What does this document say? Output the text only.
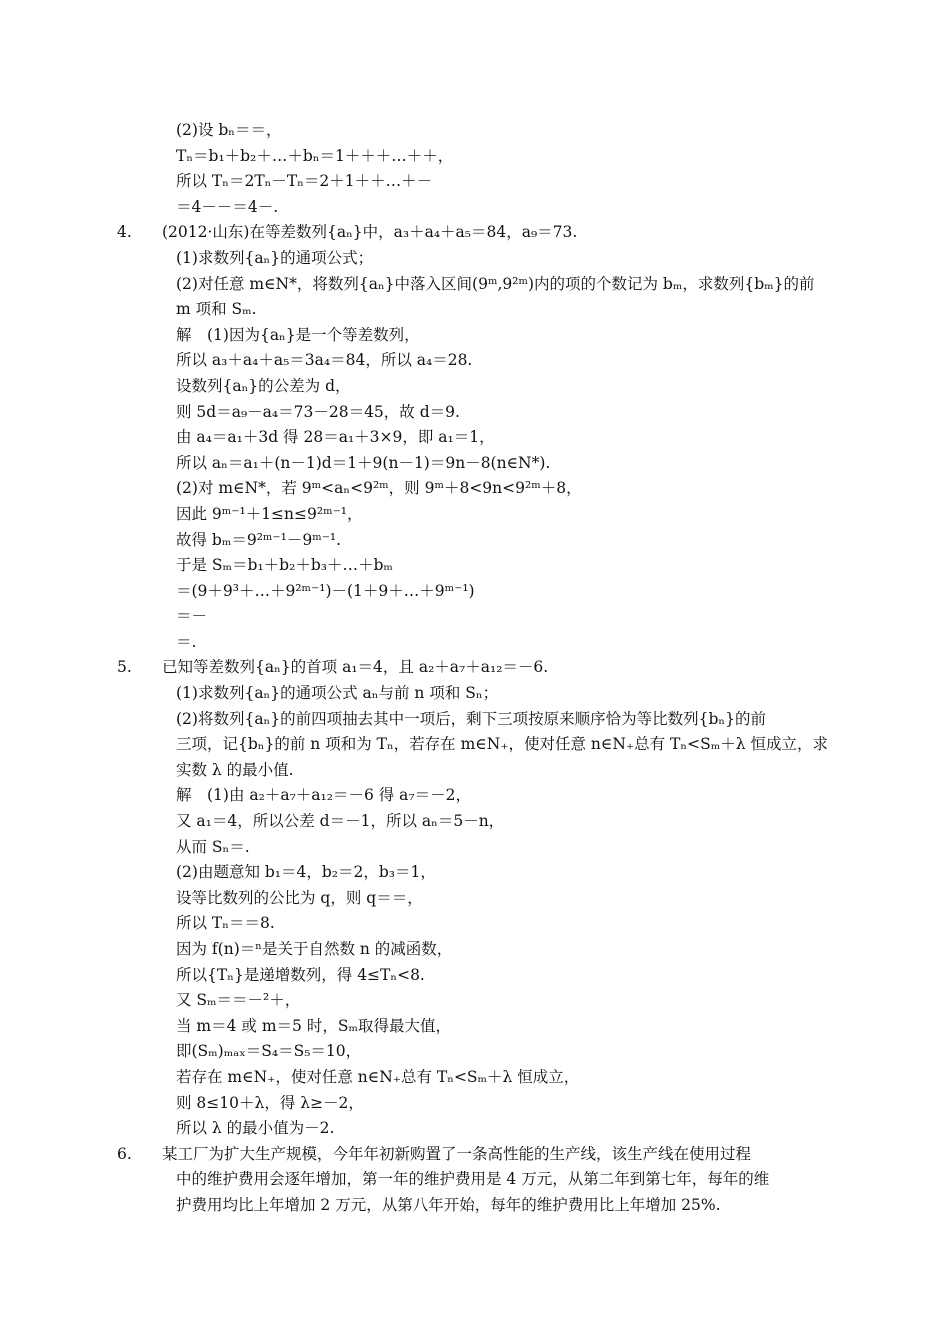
(2)设 bₙ＝＝，
Tₙ＝b₁＋b₂＋…＋bₙ＝1＋＋＋…＋＋，
所以 Tₙ＝2Tₙ－Tₙ＝2＋1＋＋…＋－
＝4－－＝4－.
4. (2012·山东)在等差数列{aₙ}中，a₃＋a₄＋a₅＝84，a₉＝73.
(1)求数列{aₙ}的通项公式；
(2)对任意 m∈N*，将数列{aₙ}中落入区间(9ᵐ,9²ᵐ)内的项的个数记为 bₘ，求数列{bₘ}的前
m 项和 Sₘ.
解　(1)因为{aₙ}是一个等差数列，
所以 a₃＋a₄＋a₅＝3a₄＝84，所以 a₄＝28.
设数列{aₙ}的公差为 d，
则 5d＝a₉－a₄＝73－28＝45，故 d＝9.
由 a₄＝a₁＋3d 得 28＝a₁＋3×9，即 a₁＝1，
所以 aₙ＝a₁＋(n－1)d＝1＋9(n－1)＝9n－8(n∈N*).
(2)对 m∈N*，若 9ᵐ<aₙ<9²ᵐ，则 9ᵐ＋8<9n<9²ᵐ＋8，
因此 9ᵐ⁻¹＋1≤n≤9²ᵐ⁻¹，
故得 bₘ＝9²ᵐ⁻¹－9ᵐ⁻¹.
于是 Sₘ＝b₁＋b₂＋b₃＋…＋bₘ
＝(9＋9³＋…＋9²ᵐ⁻¹)－(1＋9＋…＋9ᵐ⁻¹)
＝－
＝.
5. 已知等差数列{aₙ}的首项 a₁＝4，且 a₂＋a₇＋a₁₂＝－6.
(1)求数列{aₙ}的通项公式 aₙ与前 n 项和 Sₙ；
(2)将数列{aₙ}的前四项抽去其中一项后，剩下三项按原来顺序恰为等比数列{bₙ}的前
三项，记{bₙ}的前 n 项和为 Tₙ，若存在 m∈N₊，使对任意 n∈N₊总有 Tₙ<Sₘ＋λ 恒成立，求
实数 λ 的最小值.
解　(1)由 a₂＋a₇＋a₁₂＝－6 得 a₇＝－2，
又 a₁＝4，所以公差 d＝－1，所以 aₙ＝5－n，
从而 Sₙ＝.
(2)由题意知 b₁＝4，b₂＝2，b₃＝1，
设等比数列的公比为 q，则 q＝＝，
所以 Tₙ＝＝8.
因为 f(n)＝ⁿ是关于自然数 n 的减函数，
所以{Tₙ}是递增数列，得 4≤Tₙ<8.
又 Sₘ＝＝－²＋，
当 m＝4 或 m＝5 时，Sₘ取得最大值，
即(Sₘ)ₘₐₓ＝S₄＝S₅＝10，
若存在 m∈N₊，使对任意 n∈N₊总有 Tₙ<Sₘ＋λ 恒成立，
则 8≤10＋λ，得 λ≥－2，
所以 λ 的最小值为－2.
6. 某工厂为扩大生产规模，今年年初新购置了一条高性能的生产线，该生产线在使用过程
中的维护费用会逐年增加，第一年的维护费用是 4 万元，从第二年到第七年，每年的维
护费用均比上年增加 2 万元，从第八年开始，每年的维护费用比上年增加 25%.
